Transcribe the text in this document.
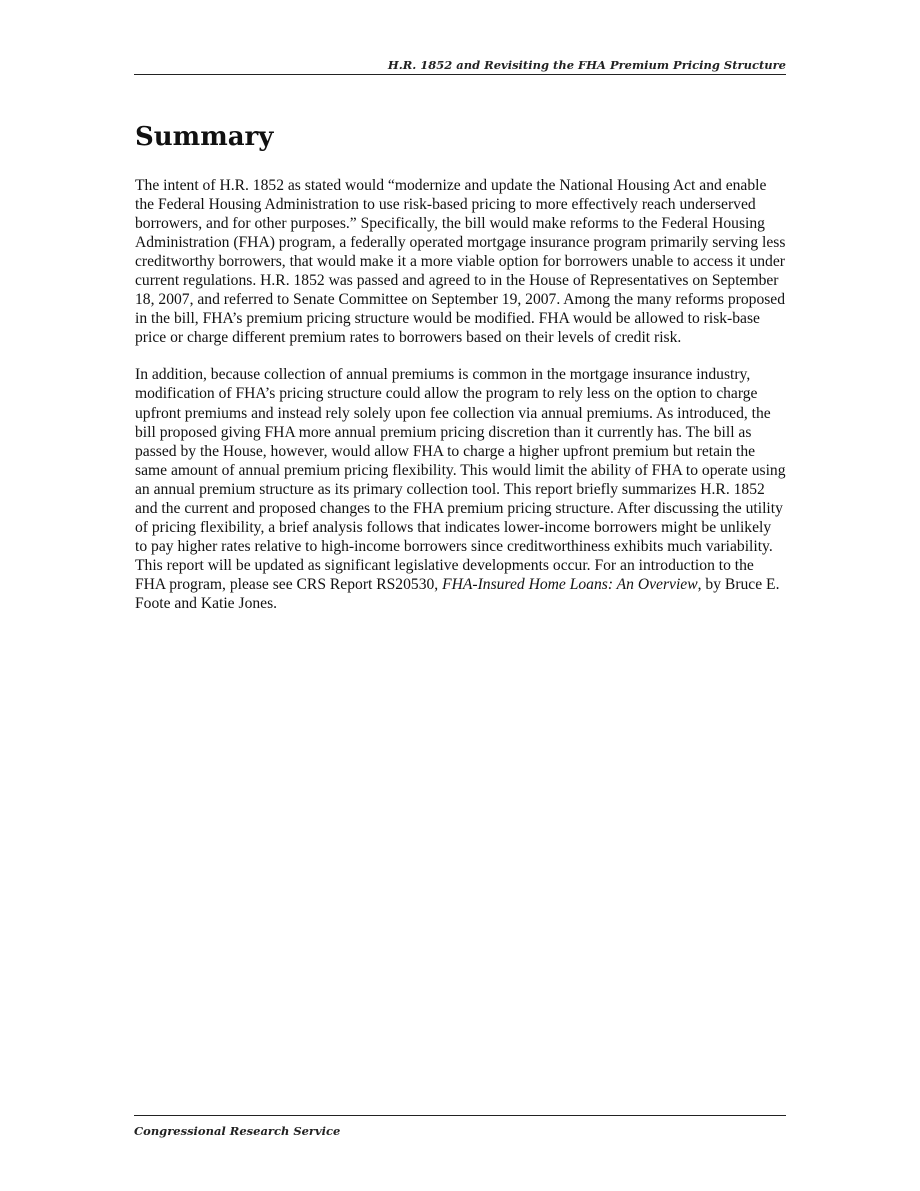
H.R. 1852 and Revisiting the FHA Premium Pricing Structure
Summary

The intent of H.R. 1852 as stated would “modernize and update the National Housing Act and enable the Federal Housing Administration to use risk-based pricing to more effectively reach underserved borrowers, and for other purposes.” Specifically, the bill would make reforms to the Federal Housing Administration (FHA) program, a federally operated mortgage insurance program primarily serving less creditworthy borrowers, that would make it a more viable option for borrowers unable to access it under current regulations. H.R. 1852 was passed and agreed to in the House of Representatives on September 18, 2007, and referred to Senate Committee on September 19, 2007. Among the many reforms proposed in the bill, FHA’s premium pricing structure would be modified. FHA would be allowed to risk-base price or charge different premium rates to borrowers based on their levels of credit risk.

In addition, because collection of annual premiums is common in the mortgage insurance industry, modification of FHA’s pricing structure could allow the program to rely less on the option to charge upfront premiums and instead rely solely upon fee collection via annual premiums. As introduced, the bill proposed giving FHA more annual premium pricing discretion than it currently has. The bill as passed by the House, however, would allow FHA to charge a higher upfront premium but retain the same amount of annual premium pricing flexibility. This would limit the ability of FHA to operate using an annual premium structure as its primary collection tool. This report briefly summarizes H.R. 1852 and the current and proposed changes to the FHA premium pricing structure. After discussing the utility of pricing flexibility, a brief analysis follows that indicates lower-income borrowers might be unlikely to pay higher rates relative to high-income borrowers since creditworthiness exhibits much variability. This report will be updated as significant legislative developments occur. For an introduction to the FHA program, please see CRS Report RS20530, FHA-Insured Home Loans: An Overview, by Bruce E. Foote and Katie Jones.

Congressional Research Service
